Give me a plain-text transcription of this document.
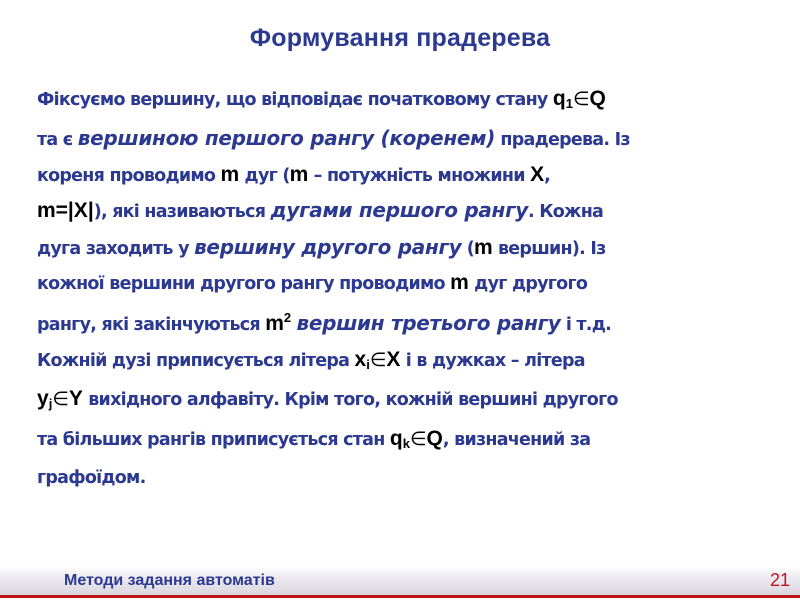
Формування прадерева
Фіксуємо вершину, що відповідає початковому стану $q_1\in Q$
та є вершиною першого рангу (коренем) прадерева. Із
кореня проводимо m дуг (m – потужність множини X,
m=|X|), які називаються дугами першого рангу. Кожна
дуга заходить у вершину другого рангу (m вершин). Із
кожної вершини другого рангу проводимо m дуг другого
рангу, які закінчуються $m^2$ вершин третього рангу і т.д.
Кожній дузі приписується літера $x_i\in X$ і в дужках – літера
$y_j\in Y$ вихідного алфавіту. Крім того, кожній вершині другого
та більших рангів приписується стан $q_k\in Q$, визначений за
графоїдом.
Методи задання автоматів	21
